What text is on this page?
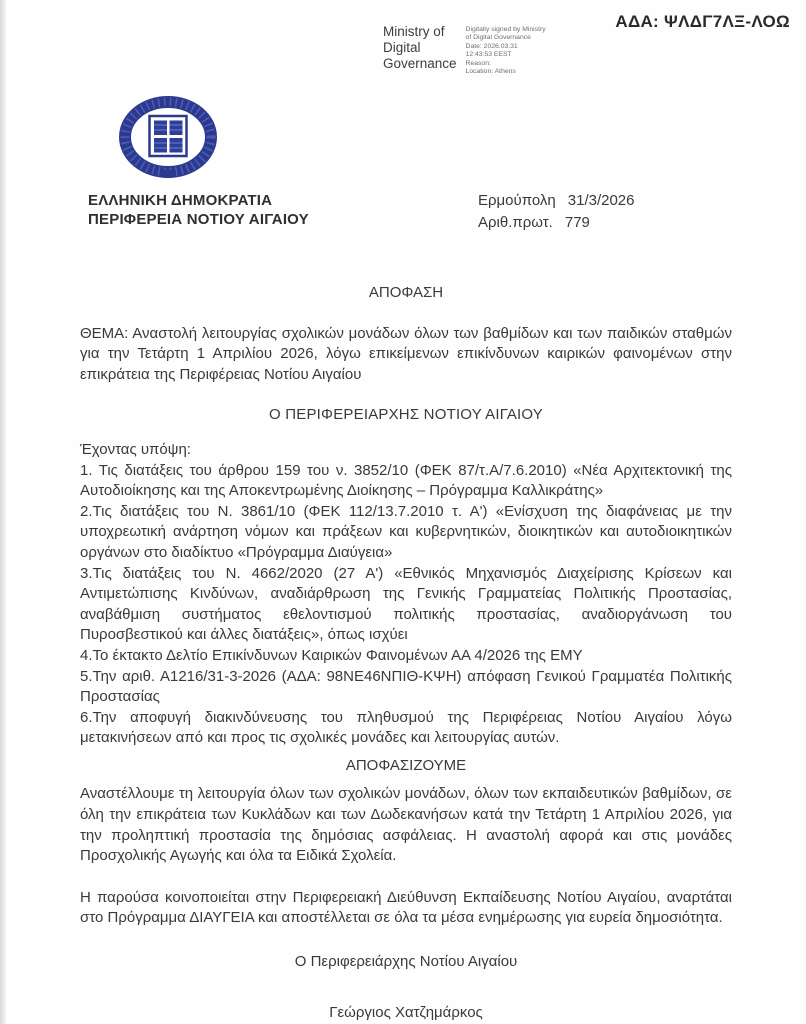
ΑΔΑ: ΨΛΔΓ7ΛΞ-ΛΟΩ
Ministry of
Digital
Governance
Digitally signed by Ministry
of Digital Governance
Date: 2026.03.31
12:43:53 EEST
Reason:
Location: Athens
ΕΛΛΗΝΙΚΗ ΔΗΜΟΚΡΑΤΙΑ
ΠΕΡΙΦΕΡΕΙΑ ΝΟΤΙΟΥ ΑΙΓΑΙΟΥ
Ερμούπολη 31/3/2026
Αριθ.πρωτ. 779
ΑΠΟΦΑΣΗ

ΘΕΜΑ: Αναστολή λειτουργίας σχολικών μονάδων όλων των βαθμίδων και των παιδικών σταθμών για την Τετάρτη 1 Απριλίου 2026, λόγω επικείμενων επικίνδυνων καιρικών φαινομένων στην επικράτεια της Περιφέρειας Νοτίου Αιγαίου

Ο ΠΕΡΙΦΕΡΕΙΑΡΧΗΣ ΝΟΤΙΟΥ ΑΙΓΑΙΟΥ
Έχοντας υπόψη:
1. Τις διατάξεις του άρθρου 159 του ν. 3852/10 (ΦΕΚ 87/τ.Α/7.6.2010) «Νέα Αρχιτεκτονική της Αυτοδιοίκησης και της Αποκεντρωμένης Διοίκησης – Πρόγραμμα Καλλικράτης»
2.Τις διατάξεις του Ν. 3861/10 (ΦΕΚ 112/13.7.2010 τ. Α') «Ενίσχυση της διαφάνειας με την υποχρεωτική ανάρτηση νόμων και πράξεων και κυβερνητικών, διοικητικών και αυτοδιοικητικών οργάνων στο διαδίκτυο «Πρόγραμμα Διαύγεια»
3.Τις διατάξεις του Ν. 4662/2020 (27 Α') «Εθνικός Μηχανισμός Διαχείρισης Κρίσεων και Αντιμετώπισης Κινδύνων, αναδιάρθρωση της Γενικής Γραμματείας Πολιτικής Προστασίας, αναβάθμιση συστήματος εθελοντισμού πολιτικής προστασίας, αναδιοργάνωση του Πυροσβεστικού και άλλες διατάξεις», όπως ισχύει
4.Το έκτακτο Δελτίο Επικίνδυνων Καιρικών Φαινομένων ΑΑ 4/2026 της ΕΜΥ
5.Την αριθ. Α1216/31-3-2026 (ΑΔΑ: 98ΝΕ46ΝΠΙΘ-ΚΨΗ) απόφαση Γενικού Γραμματέα Πολιτικής Προστασίας
6.Την αποφυγή διακινδύνευσης του πληθυσμού της Περιφέρειας Νοτίου Αιγαίου λόγω μετακινήσεων από και προς τις σχολικές μονάδες και λειτουργίας αυτών.
ΑΠΟΦΑΣΙΖΟΥΜΕ

Αναστέλλουμε τη λειτουργία όλων των σχολικών μονάδων, όλων των εκπαιδευτικών βαθμίδων, σε όλη την επικράτεια των Κυκλάδων και των Δωδεκανήσων κατά την Τετάρτη 1 Απριλίου 2026, για την προληπτική προστασία της δημόσιας ασφάλειας. Η αναστολή αφορά και στις μονάδες Προσχολικής Αγωγής και όλα τα Ειδικά Σχολεία.

Η παρούσα κοινοποιείται στην Περιφερειακή Διεύθυνση Εκπαίδευσης Νοτίου Αιγαίου, αναρτάται στο Πρόγραμμα ΔΙΑΥΓΕΙΑ και αποστέλλεται σε όλα τα μέσα ενημέρωσης για ευρεία δημοσιότητα.

Ο Περιφερειάρχης Νοτίου Αιγαίου
Γεώργιος Χατζημάρκος
